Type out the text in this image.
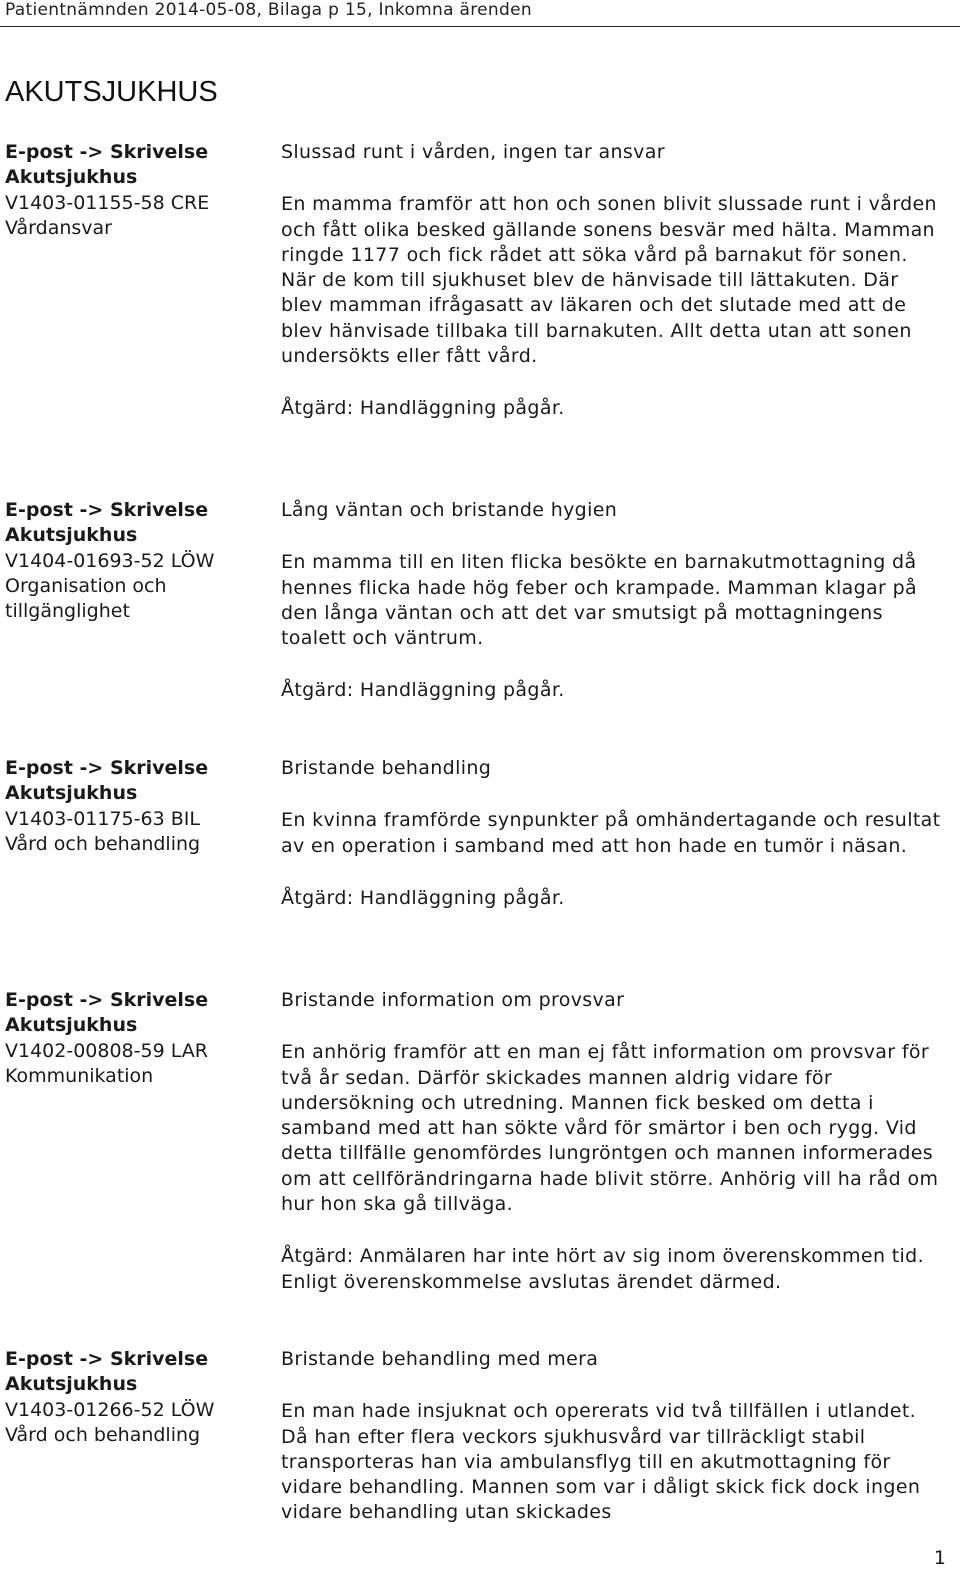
Patientnämnden 2014-05-08, Bilaga p 15, Inkomna ärenden
AKUTSJUKHUS
E-post -> Skrivelse
Akutsjukhus
V1403-01155-58 CRE
Vårdansvar

Slussad runt i vården, ingen tar ansvar

En mamma framför att hon och sonen blivit slussade runt i vården och fått olika besked gällande sonens besvär med hälta. Mamman ringde 1177 och fick rådet att söka vård på barnakut för sonen. När de kom till sjukhuset blev de hänvisade till lättakuten. Där blev mamman ifrågasatt av läkaren och det slutade med att de blev hänvisade tillbaka till barnakuten. Allt detta utan att sonen undersökts eller fått vård.

Åtgärd: Handläggning pågår.

E-post -> Skrivelse
Akutsjukhus
V1404-01693-52 LÖW
Organisation och tillgänglighet

Lång väntan och bristande hygien

En mamma till en liten flicka besökte en barnakutmottagning då hennes flicka hade hög feber och krampade. Mamman klagar på den långa väntan och att det var smutsigt på mottagningens toalett och väntrum.

Åtgärd: Handläggning pågår.

E-post -> Skrivelse
Akutsjukhus
V1403-01175-63 BIL
Vård och behandling

Bristande behandling

En kvinna framförde synpunkter på omhändertagande och resultat av en operation i samband med att hon hade en tumör i näsan.

Åtgärd: Handläggning pågår.

E-post -> Skrivelse
Akutsjukhus
V1402-00808-59 LAR
Kommunikation

Bristande information om provsvar

En anhörig framför att en man ej fått information om provsvar för två år sedan. Därför skickades mannen aldrig vidare för undersökning och utredning. Mannen fick besked om detta i samband med att han sökte vård för smärtor i ben och rygg. Vid detta tillfälle genomfördes lungröntgen och mannen informerades om att cellförändringarna hade blivit större. Anhörig vill ha råd om hur hon ska gå tillväga.

Åtgärd: Anmälaren har inte hört av sig inom överenskommen tid. Enligt överenskommelse avslutas ärendet därmed.

E-post -> Skrivelse
Akutsjukhus
V1403-01266-52 LÖW
Vård och behandling

Bristande behandling med mera

En man hade insjuknat och opererats vid två tillfällen i utlandet. Då han efter flera veckors sjukhusvård var tillräckligt stabil transporteras han via ambulansflyg till en akutmottagning för vidare behandling. Mannen som var i dåligt skick fick dock ingen vidare behandling utan skickades

1
